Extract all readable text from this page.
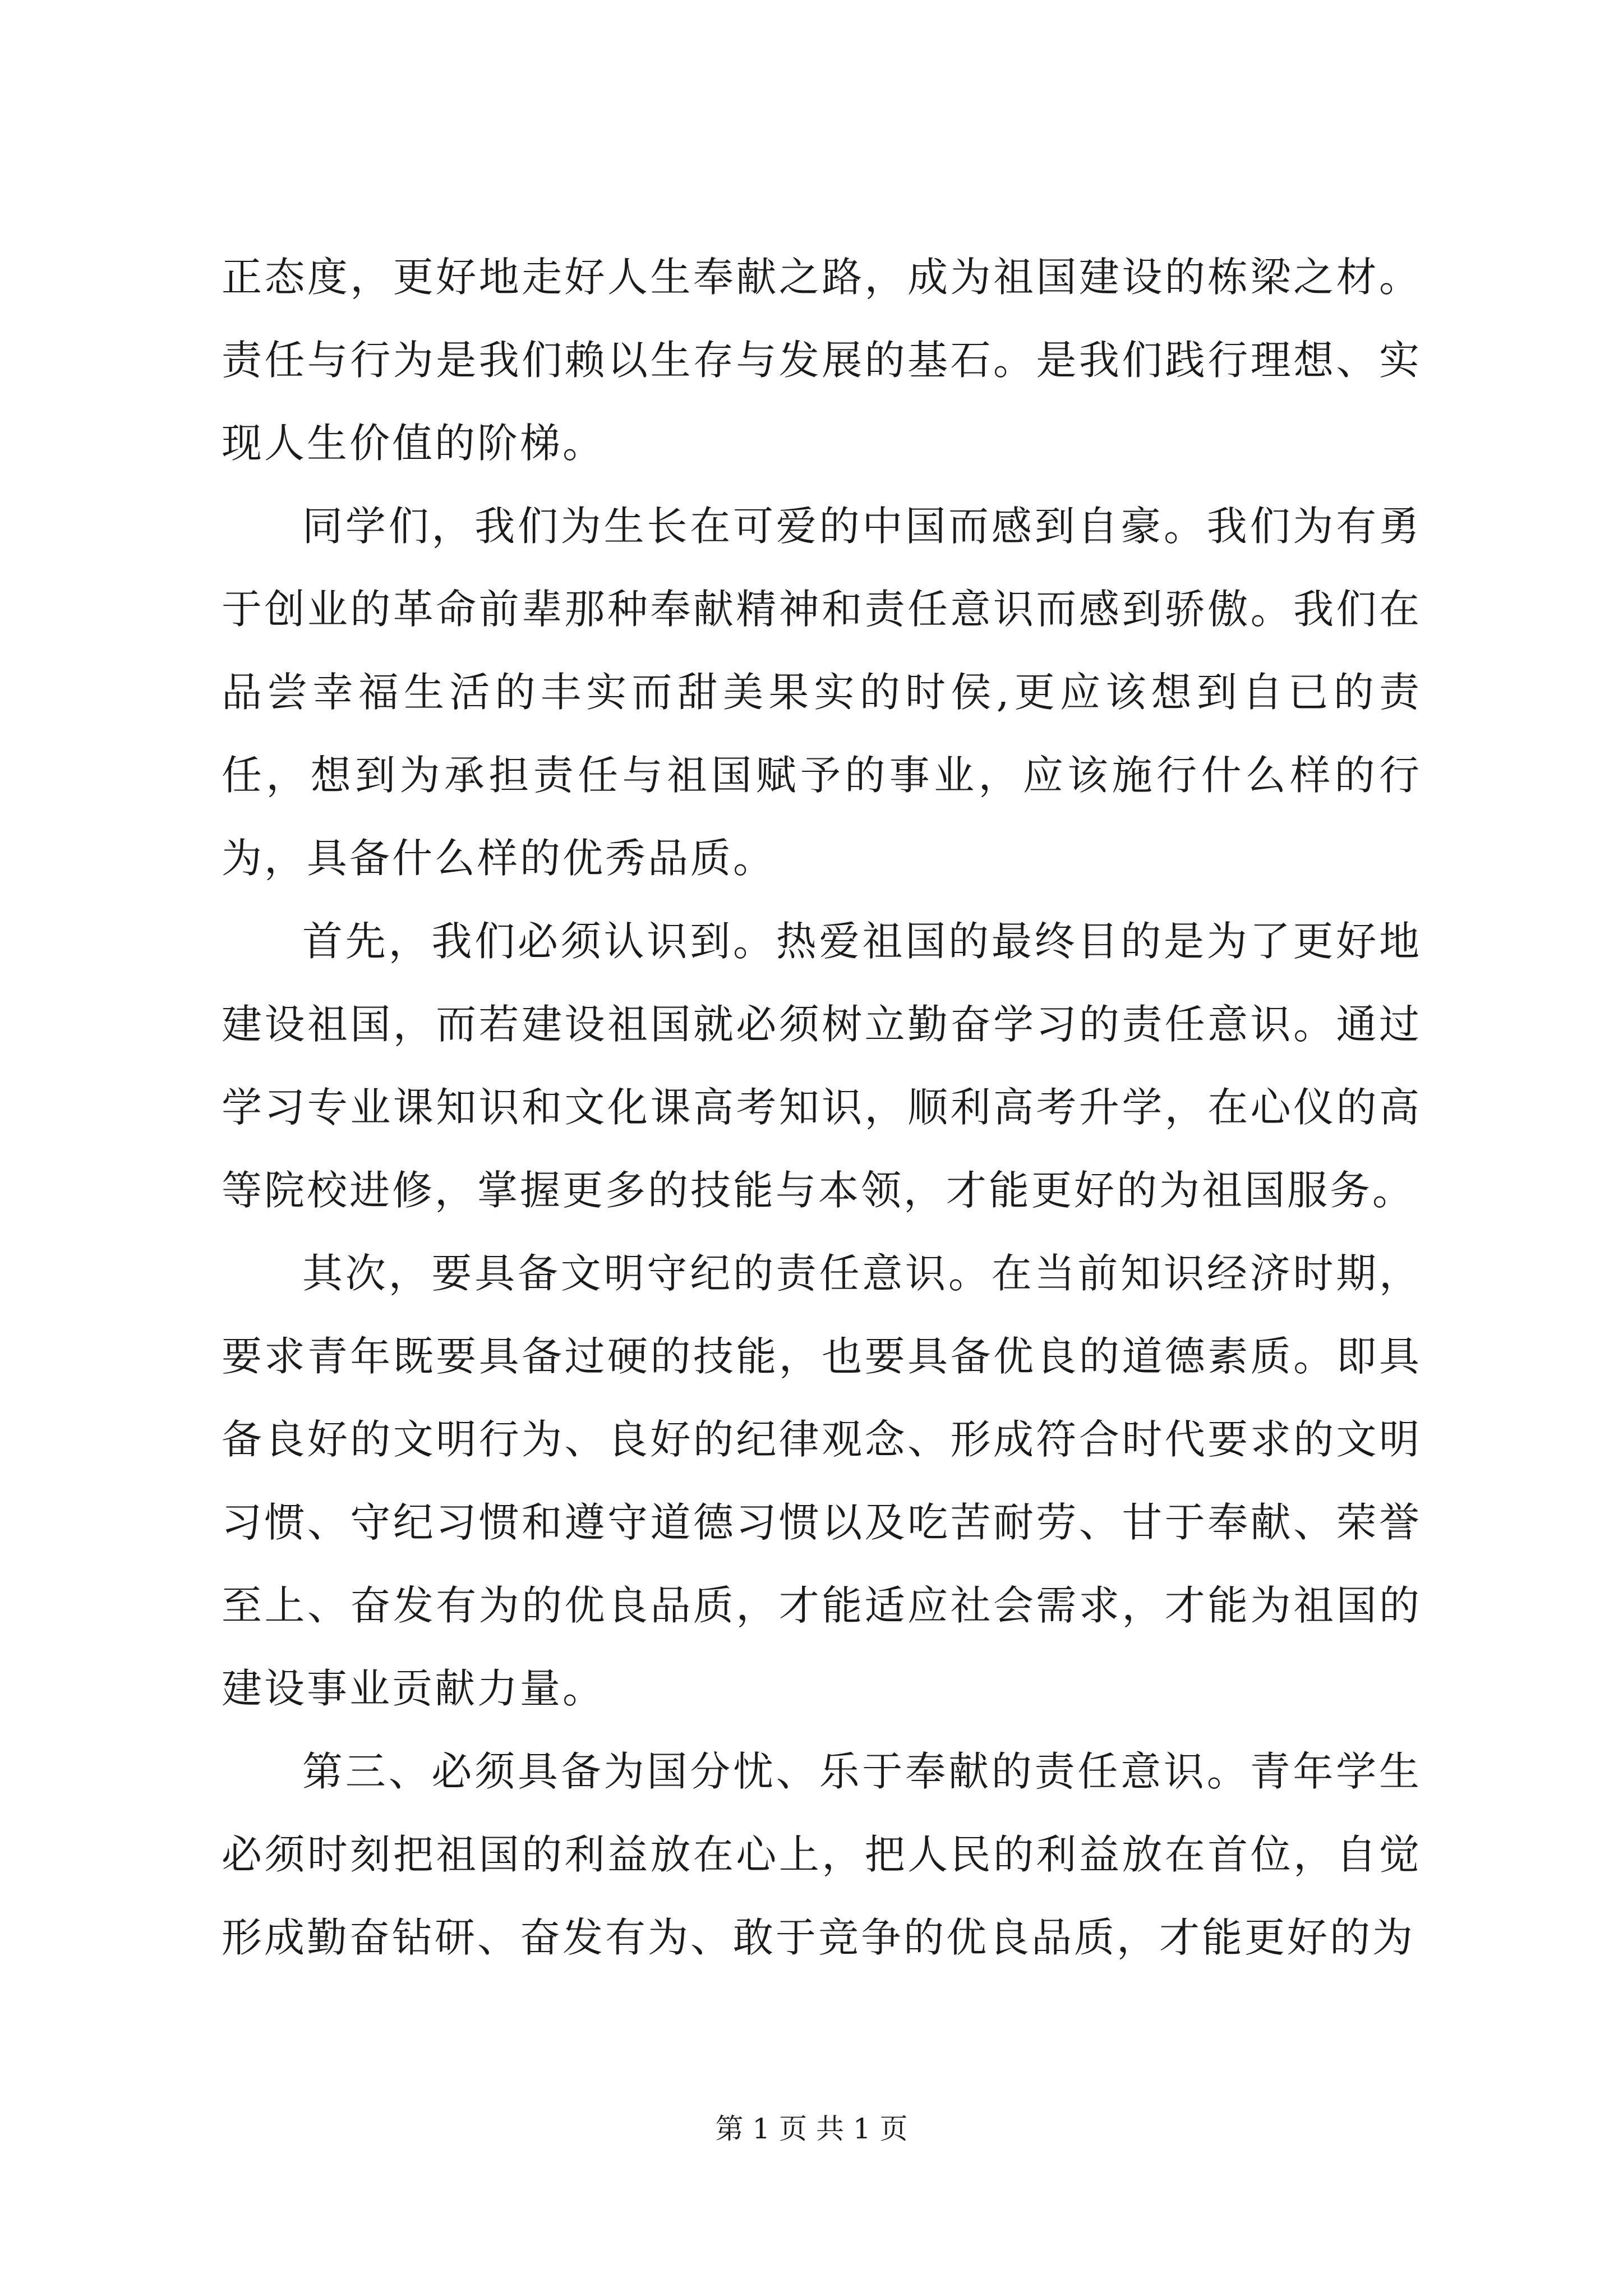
正态度，更好地走好人生奉献之路，成为祖国建设的栋梁之材。责任与行为是我们赖以生存与发展的基石。是我们践行理想、实现人生价值的阶梯。

同学们，我们为生长在可爱的中国而感到自豪。我们为有勇于创业的革命前辈那种奉献精神和责任意识而感到骄傲。我们在品尝幸福生活的丰实而甜美果实的时侯,更应该想到自已的责任，想到为承担责任与祖国赋予的事业，应该施行什么样的行为，具备什么样的优秀品质。

首先，我们必须认识到。热爱祖国的最终目的是为了更好地建设祖国，而若建设祖国就必须树立勤奋学习的责任意识。通过学习专业课知识和文化课高考知识，顺利高考升学，在心仪的高等院校进修，掌握更多的技能与本领，才能更好的为祖国服务。

其次，要具备文明守纪的责任意识。在当前知识经济时期，要求青年既要具备过硬的技能，也要具备优良的道德素质。即具备良好的文明行为、良好的纪律观念、形成符合时代要求的文明习惯、守纪习惯和遵守道德习惯以及吃苦耐劳、甘于奉献、荣誉至上、奋发有为的优良品质，才能适应社会需求，才能为祖国的建设事业贡献力量。

第三、必须具备为国分忧、乐于奉献的责任意识。青年学生必须时刻把祖国的利益放在心上，把人民的利益放在首位，自觉形成勤奋钻研、奋发有为、敢于竞争的优良品质，才能更好的为

第 1 页 共 1 页
